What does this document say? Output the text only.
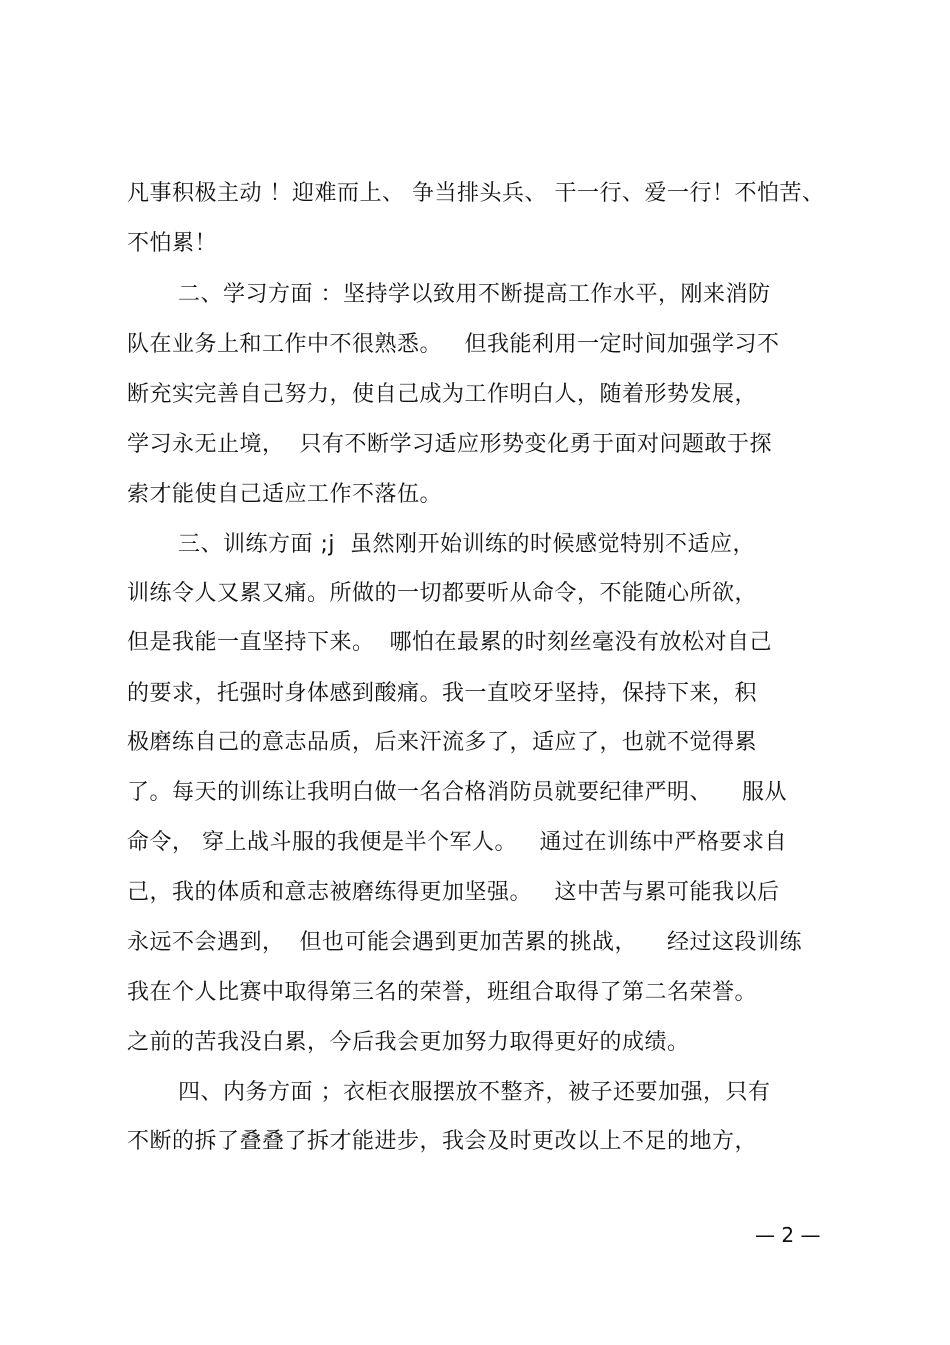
凡事积极主动 ！迎难而上、 争当排头兵、 干一行、爱一行！不怕苦、
不怕累！
二、学习方面 ：坚持学以致用不断提高工作水平，刚来消防
队在业务上和工作中不很熟悉。   但我能利用一定时间加强学习不
断充实完善自己努力，使自己成为工作明白人，随着形势发展，
学习永无止境，  只有不断学习适应形势变化勇于面对问题敢于探
索才能使自己适应工作不落伍。
三、训练方面 ;j  虽然刚开始训练的时候感觉特别不适应，
训练令人又累又痛。所做的一切都要听从命令，不能随心所欲，
但是我能一直坚持下来。  哪怕在最累的时刻丝毫没有放松对自己
的要求，托强时身体感到酸痛。我一直咬牙坚持，保持下来，积
极磨练自己的意志品质，后来汗流多了，适应了，也就不觉得累
了。每天的训练让我明白做一名合格消防员就要纪律严明、    服从
命令， 穿上战斗服的我便是半个军人。   通过在训练中严格要求自
己，我的体质和意志被磨练得更加坚强。   这中苦与累可能我以后
永远不会遇到，  但也可能会遇到更加苦累的挑战，    经过这段训练
我在个人比赛中取得第三名的荣誉，班组合取得了第二名荣誉。
之前的苦我没白累，今后我会更加努力取得更好的成绩。
四、内务方面 ；衣柜衣服摆放不整齐，被子还要加强，只有
不断的拆了叠叠了拆才能进步，我会及时更改以上不足的地方，
— 2 —
